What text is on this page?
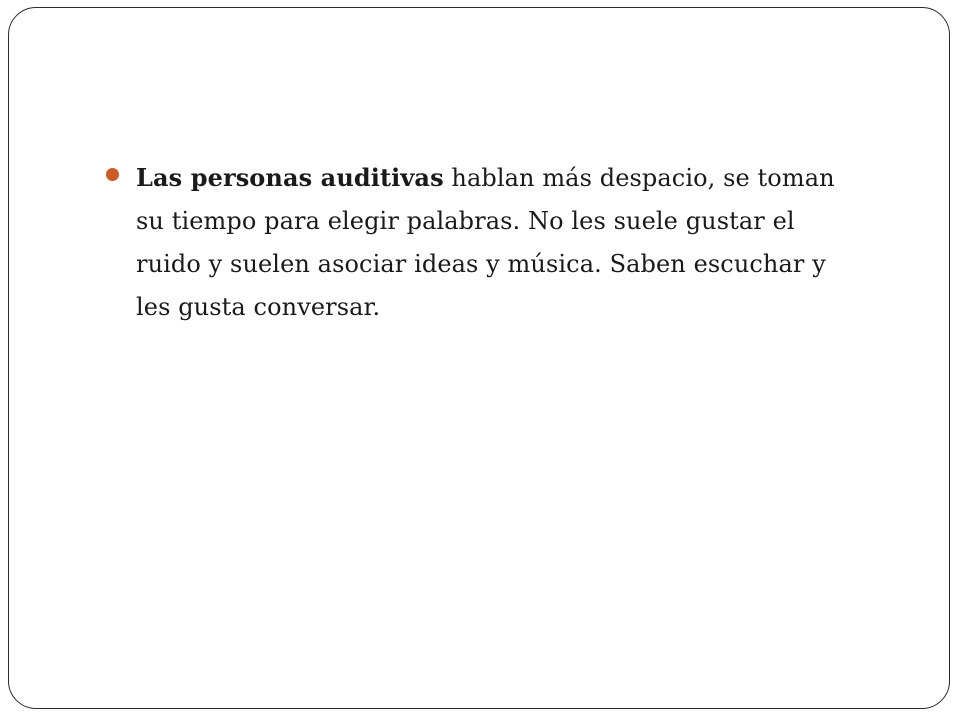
Las personas auditivas hablan más despacio, se toman su tiempo para elegir palabras. No les suele gustar el ruido y suelen asociar ideas y música. Saben escuchar y les gusta conversar.
